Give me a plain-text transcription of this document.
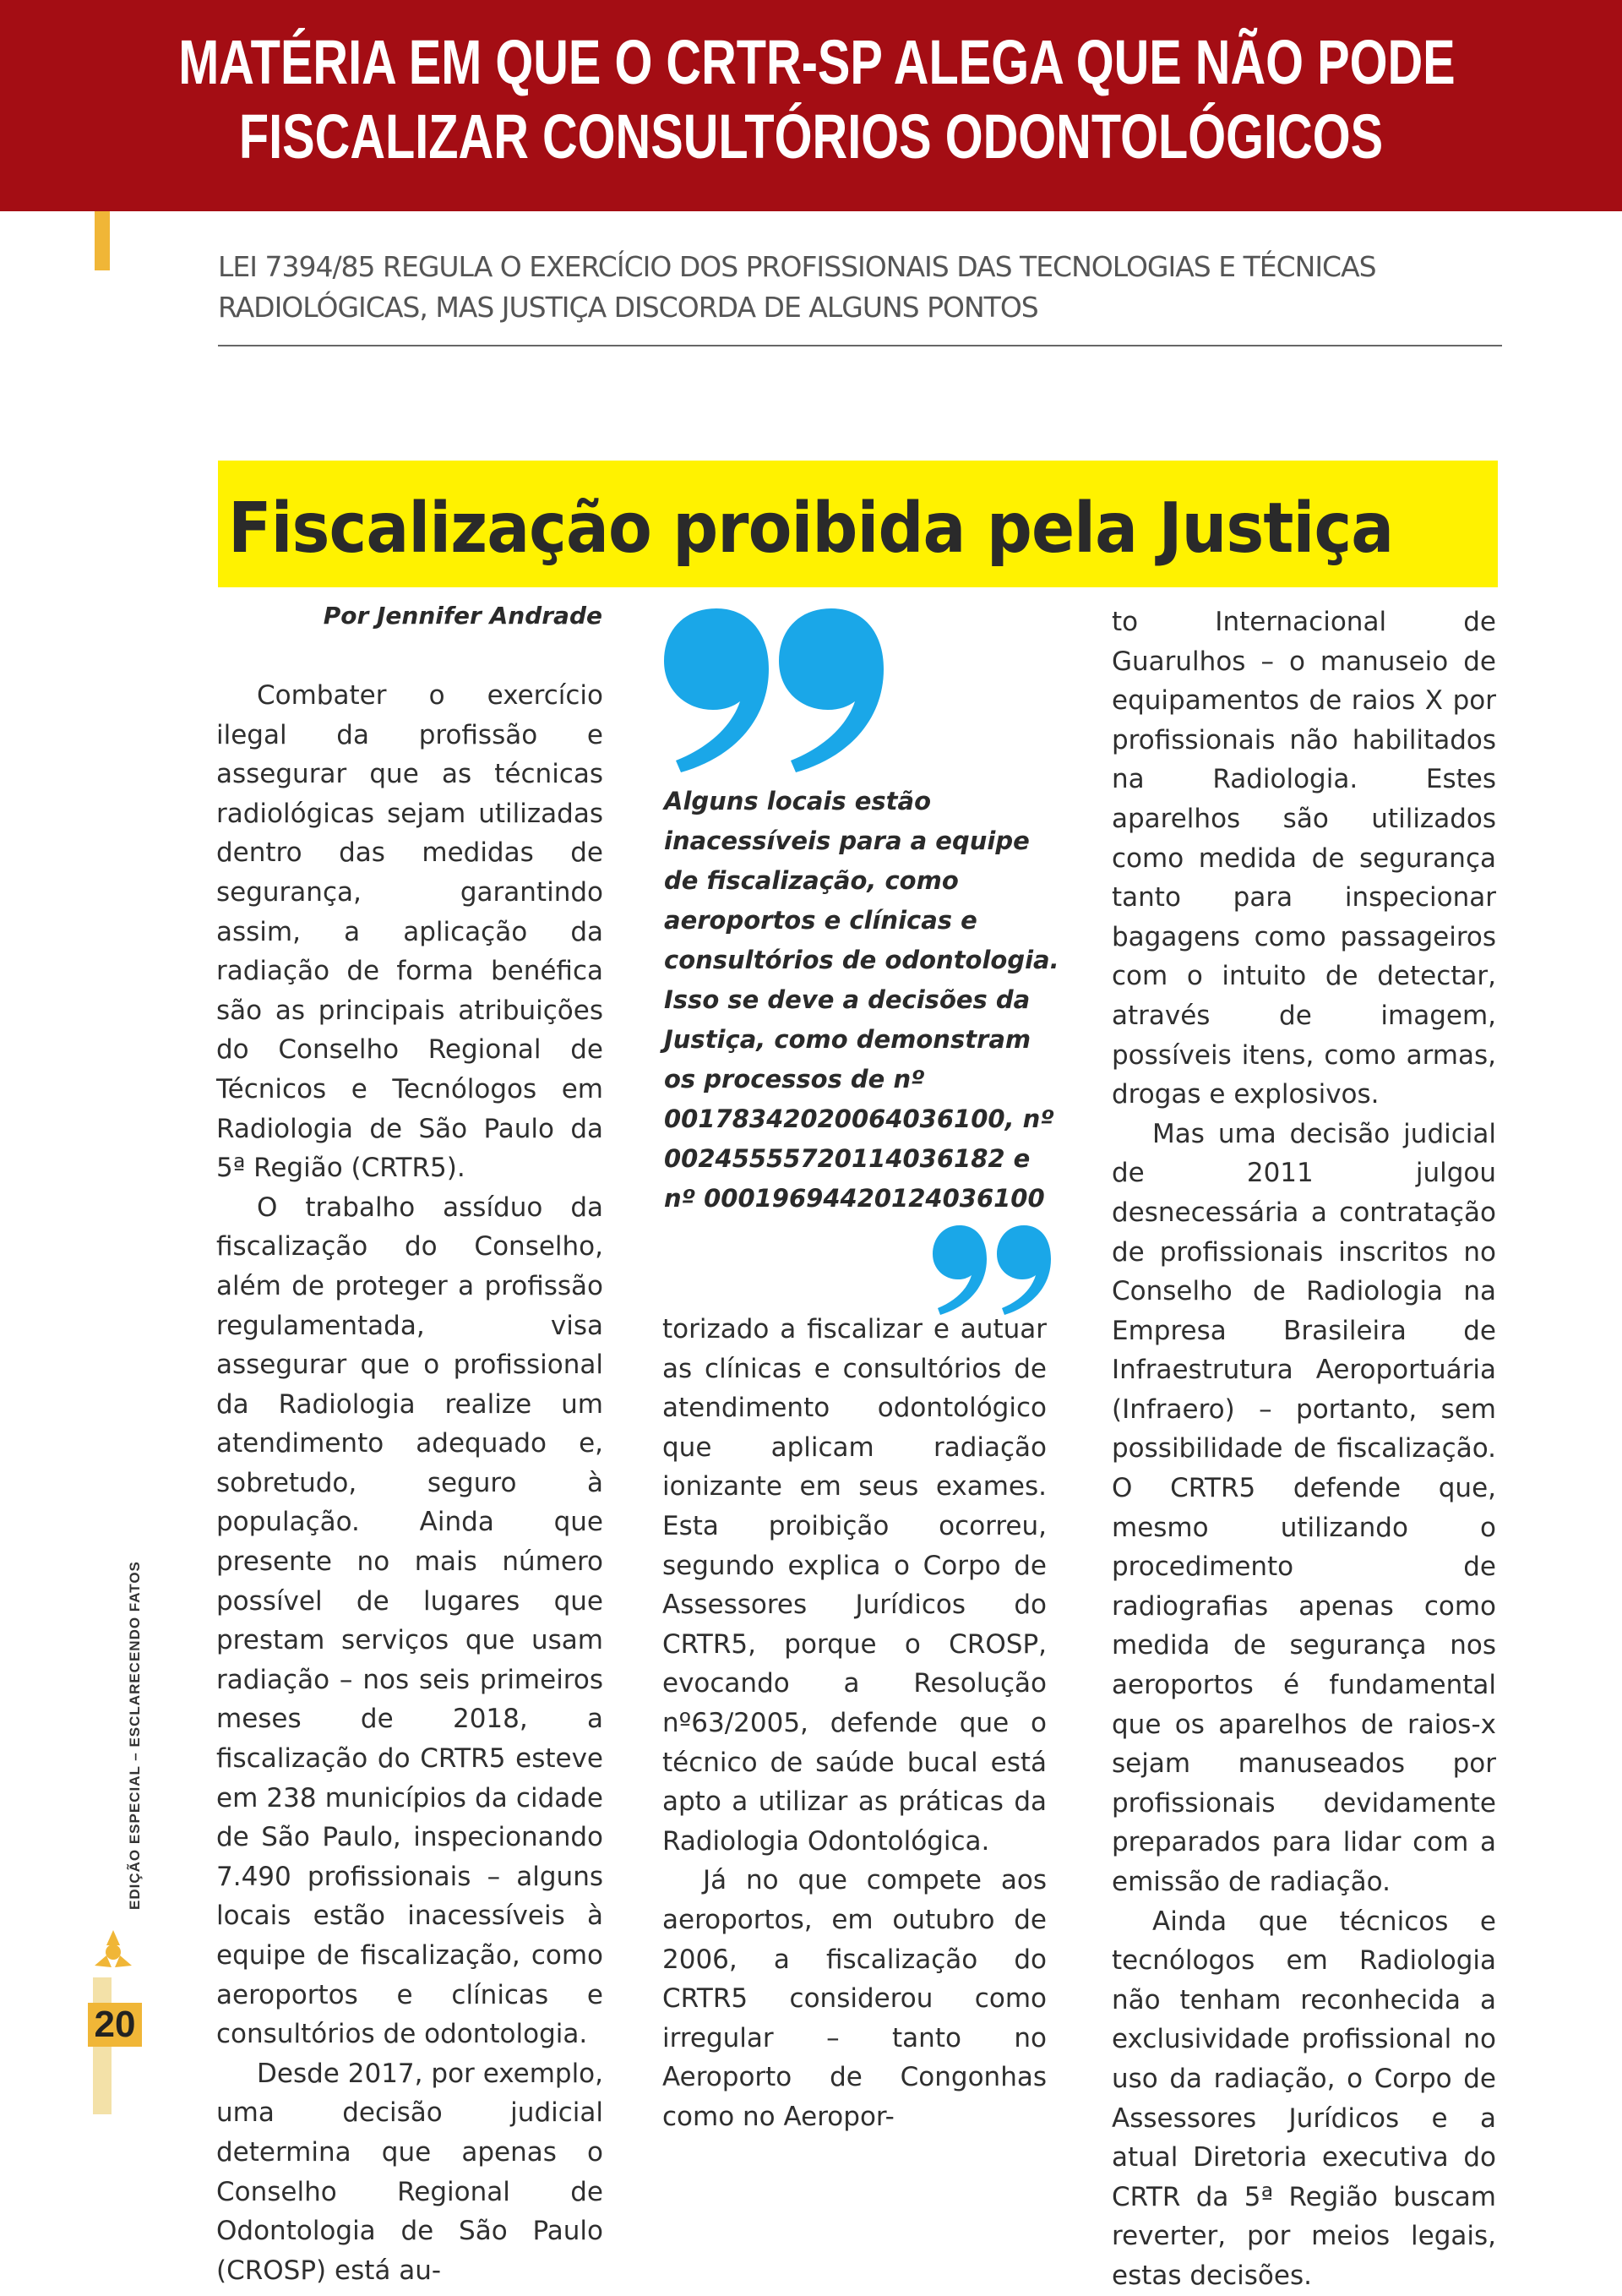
MATÉRIA EM QUE O CRTR-SP ALEGA QUE NÃO PODE
FISCALIZAR CONSULTÓRIOS ODONTOLÓGICOS
LEI 7394/85 REGULA O EXERCÍCIO DOS PROFISSIONAIS DAS TECNOLOGIAS E TÉCNICAS RADIOLÓGICAS, MAS JUSTIÇA DISCORDA DE ALGUNS PONTOS
Fiscalização proibida pela Justiça
Por Jennifer Andrade

Combater o exercício ilegal da profissão e assegurar que as técnicas radiológicas sejam utilizadas dentro das medidas de segurança, garantindo assim, a aplicação da radiação de forma benéfica são as principais atribuições do Conselho Regional de Técnicos e Tecnólogos em Radiologia de São Paulo da 5ª Região (CRTR5).

O trabalho assíduo da fiscalização do Conselho, além de proteger a profissão regulamentada, visa assegurar que o profissional da Radiologia realize um atendimento adequado e, sobretudo, seguro à população. Ainda que presente no mais número possível de lugares que prestam serviços que usam radiação – nos seis primeiros meses de 2018, a fiscalização do CRTR5 esteve em 238 municípios da cidade de São Paulo, inspecionando 7.490 profissionais – alguns locais estão inacessíveis à equipe de fiscalização, como aeroportos e clínicas e consultórios de odontologia.

Desde 2017, por exemplo, uma decisão judicial determina que apenas o Conselho Regional de Odontologia de São Paulo (CROSP) está au-

Alguns locais estão inacessíveis para a equipe de fiscalização, como aeroportos e clínicas e consultórios de odontologia. Isso se deve a decisões da Justiça, como demonstram os processos de nº 00178342020064036100, nº 00245555720114036182 e nº 00019694420124036100

torizado a fiscalizar e autuar as clínicas e consultórios de atendimento odontológico que aplicam radiação ionizante em seus exames. Esta proibição ocorreu, segundo explica o Corpo de Assessores Jurídicos do CRTR5, porque o CROSP, evocando a Resolução nº63/2005, defende que o técnico de saúde bucal está apto a utilizar as práticas da Radiologia Odontológica.

Já no que compete aos aeroportos, em outubro de 2006, a fiscalização do CRTR5 considerou como irregular – tanto no Aeroporto de Congonhas como no Aeropor-

to Internacional de Guarulhos – o manuseio de equipamentos de raios X por profissionais não habilitados na Radiologia. Estes aparelhos são utilizados como medida de segurança tanto para inspecionar bagagens como passageiros com o intuito de detectar, através de imagem, possíveis itens, como armas, drogas e explosivos.

Mas uma decisão judicial de 2011 julgou desnecessária a contratação de profissionais inscritos no Conselho de Radiologia na Empresa Brasileira de Infraestrutura Aeroportuária (Infraero) – portanto, sem possibilidade de fiscalização. O CRTR5 defende que, mesmo utilizando o procedimento de radiografias apenas como medida de segurança nos aeroportos é fundamental que os aparelhos de raios-x sejam manuseados por profissionais devidamente preparados para lidar com a emissão de radiação.

Ainda que técnicos e tecnólogos em Radiologia não tenham reconhecida a exclusividade profissional no uso da radiação, o Corpo de Assessores Jurídicos e a atual Diretoria executiva do CRTR da 5ª Região buscam reverter, por meios legais, estas decisões.

EDIÇÃO ESPECIAL – ESCLARECENDO FATOS
20
